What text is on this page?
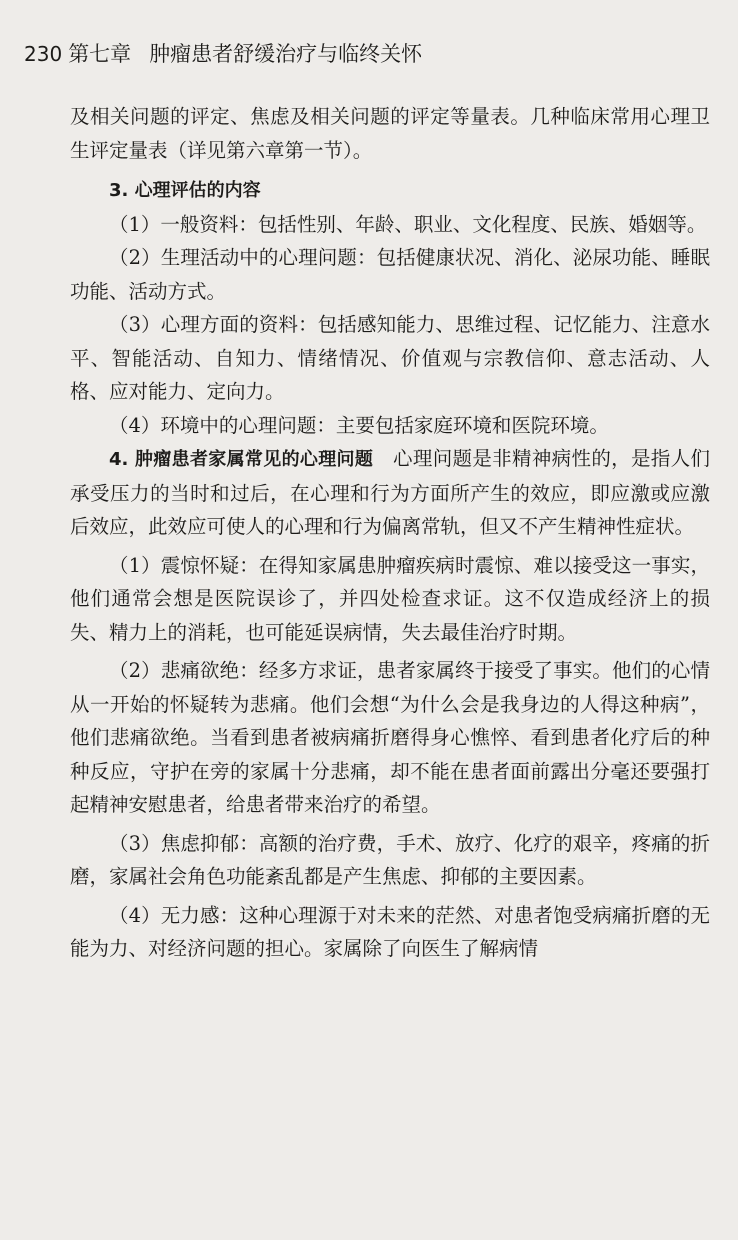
230 第七章 肿瘤患者舒缓治疗与临终关怀

及相关问题的评定、焦虑及相关问题的评定等量表。几种临床常用心理卫生评定量表（详见第六章第一节）。

3. 心理评估的内容

（1）一般资料：包括性别、年龄、职业、文化程度、民族、婚姻等。

（2）生理活动中的心理问题：包括健康状况、消化、泌尿功能、睡眠功能、活动方式。

（3）心理方面的资料：包括感知能力、思维过程、记忆能力、注意水平、智能活动、自知力、情绪情况、价值观与宗教信仰、意志活动、人格、应对能力、定向力。

（4）环境中的心理问题：主要包括家庭环境和医院环境。

4. 肿瘤患者家属常见的心理问题　 心理问题是非精神病性的，是指人们承受压力的当时和过后，在心理和行为方面所产生的效应，即应激或应激后效应，此效应可使人的心理和行为偏离常轨，但又不产生精神性症状。

（1）震惊怀疑：在得知家属患肿瘤疾病时震惊、难以接受这一事实，他们通常会想是医院误诊了，并四处检查求证。这不仅造成经济上的损失、精力上的消耗，也可能延误病情，失去最佳治疗时期。

（2）悲痛欲绝：经多方求证，患者家属终于接受了事实。他们的心情从一开始的怀疑转为悲痛。他们会想“为什么会是我身边的人得这种病”，他们悲痛欲绝。当看到患者被病痛折磨得身心憔悴、看到患者化疗后的种种反应，守护在旁的家属十分悲痛，却不能在患者面前露出分毫还要强打起精神安慰患者，给患者带来治疗的希望。

（3）焦虑抑郁：高额的治疗费，手术、放疗、化疗的艰辛，疼痛的折磨，家属社会角色功能紊乱都是产生焦虑、抑郁的主要因素。

（4）无力感：这种心理源于对未来的茫然、对患者饱受病痛折磨的无能为力、对经济问题的担心。家属除了向医生了解病情
